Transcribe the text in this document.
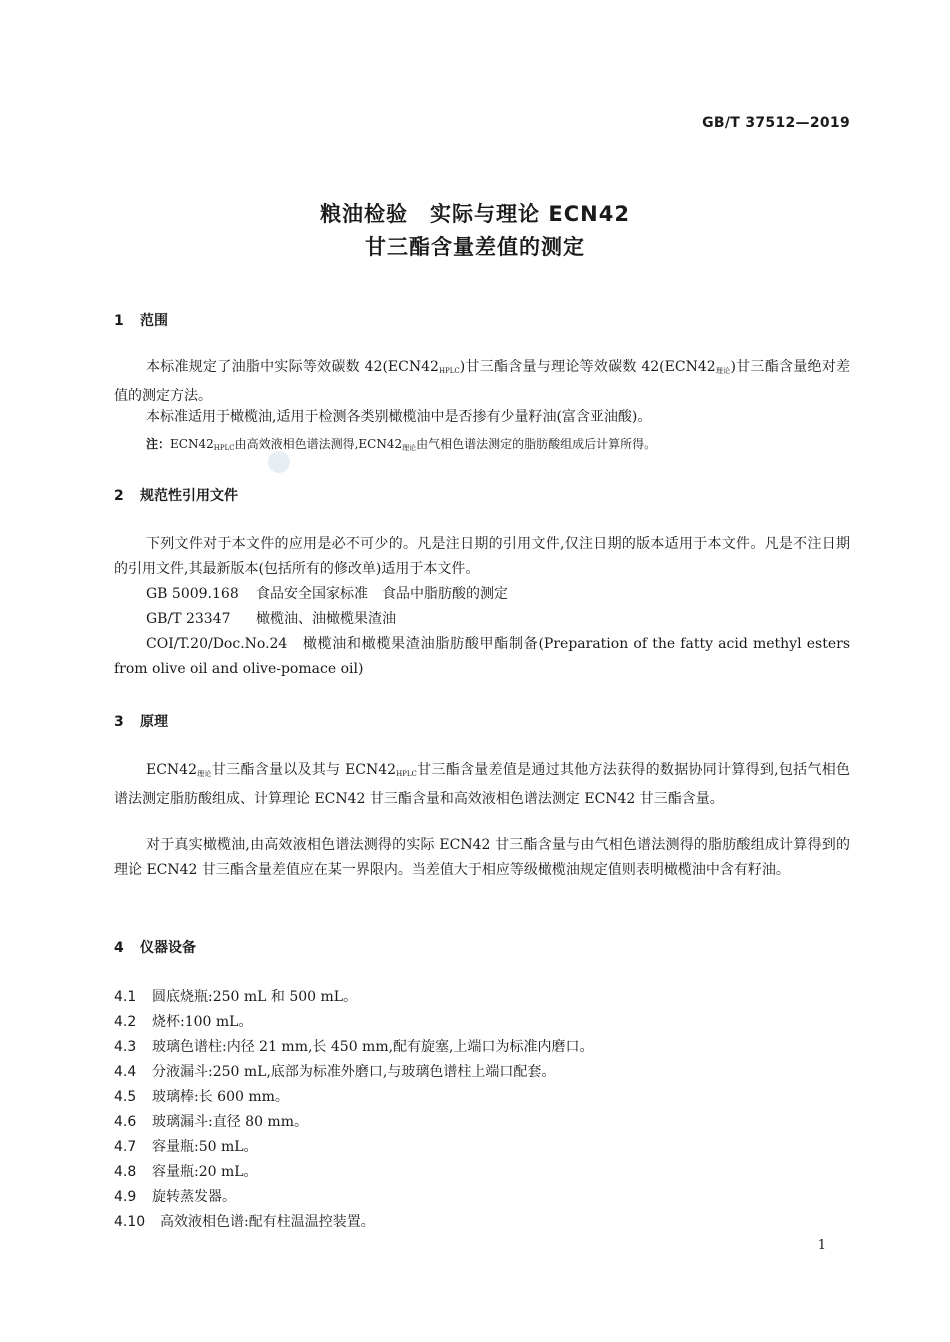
GB/T 37512—2019
粮油检验　实际与理论 ECN42
甘三酯含量差值的测定
1 范围
本标准规定了油脂中实际等效碳数 $42(ECN42_{HPLC})$甘三酯含量与理论等效碳数 $42(ECN42_{理论})$甘三酯含量绝对差值的测定方法。
本标准适用于橄榄油,适用于检测各类别橄榄油中是否掺有少量籽油(富含亚油酸)。
注：$ECN42_{HPLC}$由高效液相色谱法测得$,ECN42_{理论}$由气相色谱法测定的脂肪酸组成后计算所得。
2 规范性引用文件
下列文件对于本文件的应用是必不可少的。凡是注日期的引用文件,仅注日期的版本适用于本文件。凡是不注日期的引用文件,其最新版本(包括所有的修改单)适用于本文件。
GB 5009.168 食品安全国家标准　食品中脂肪酸的测定
GB/T 23347 橄榄油、油橄榄果渣油
COI/T.20/Doc.No.24　 橄榄油和橄榄果渣油脂肪酸甲酯制备(Preparation of the fatty acid methyl esters from olive oil and olive-pomace oil)
3 原理
$ECN42_{理论}$甘三酯含量以及其与 $ECN42_{HPLC}$甘三酯含量差值是通过其他方法获得的数据协同计算得到,包括气相色谱法测定脂肪酸组成、计算理论 ECN42 甘三酯含量和高效液相色谱法测定 ECN42 甘三酯含量。
对于真实橄榄油,由高效液相色谱法测得的实际 ECN42 甘三酯含量与由气相色谱法测得的脂肪酸组成计算得到的理论 ECN42 甘三酯含量差值应在某一界限内。当差值大于相应等级橄榄油规定值则表明橄榄油中含有籽油。
4 仪器设备
4.1 圆底烧瓶:250 mL 和 500 mL。
4.2 烧杯:100 mL。
4.3 玻璃色谱柱:内径 21 mm,长 450 mm,配有旋塞,上端口为标准内磨口。
4.4 分液漏斗:250 mL,底部为标准外磨口,与玻璃色谱柱上端口配套。
4.5 玻璃棒:长 600 mm。
4.6 玻璃漏斗:直径 80 mm。
4.7 容量瓶:50 mL。
4.8 容量瓶:20 mL。
4.9 旋转蒸发器。
4.10 高效液相色谱:配有柱温温控装置。
1
